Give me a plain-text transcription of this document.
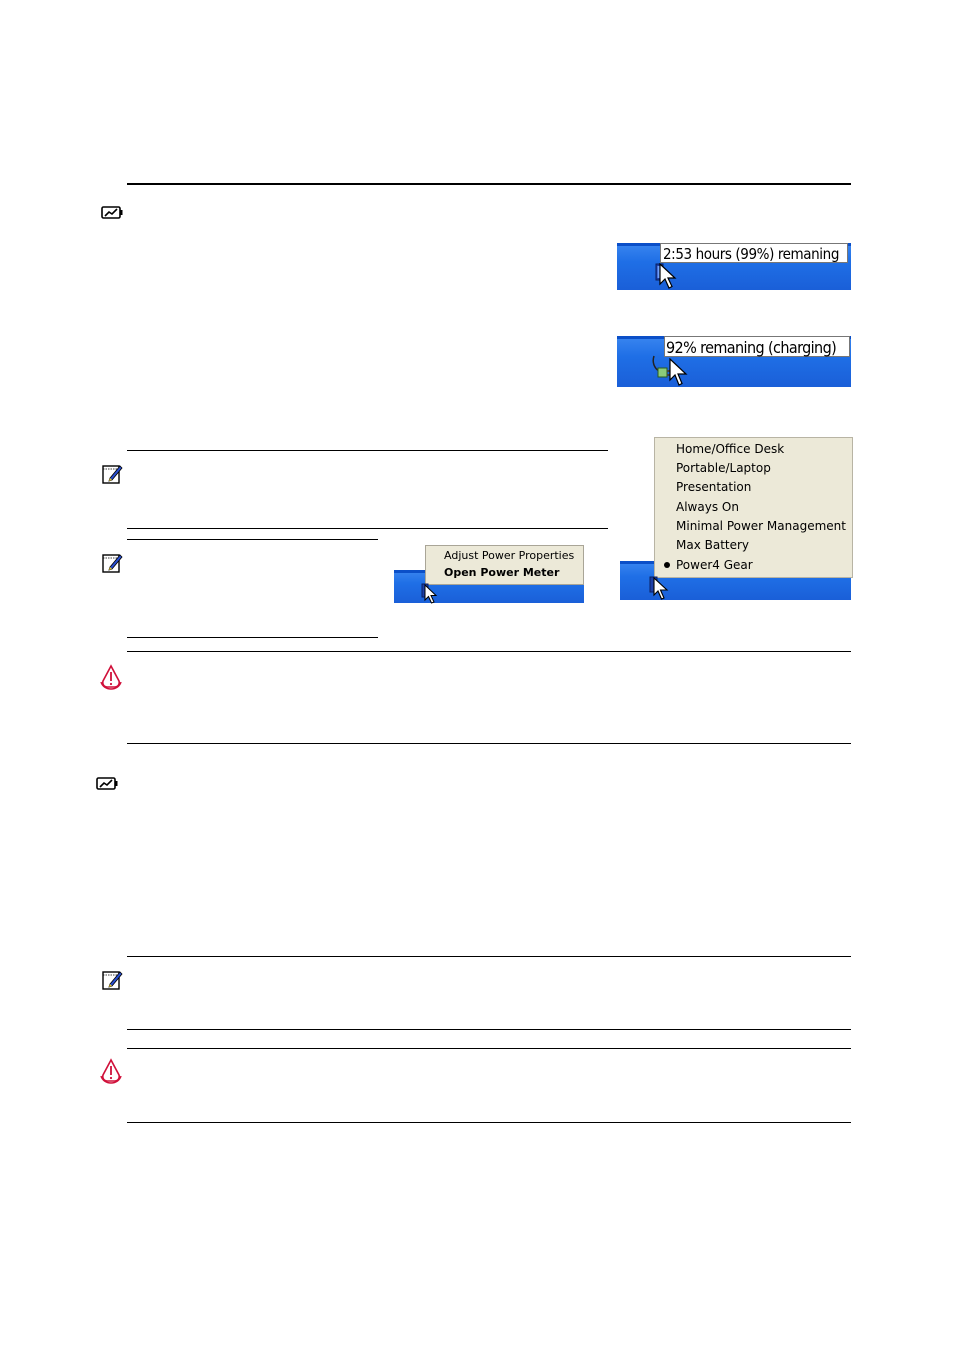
2:53 hours (99%) remaning
92% remaning (charging)
Adjust Power Properties
Open Power Meter
Home/Office Desk
Portable/Laptop
Presentation
Always On
Minimal Power Management
Max Battery
Power4 Gear
